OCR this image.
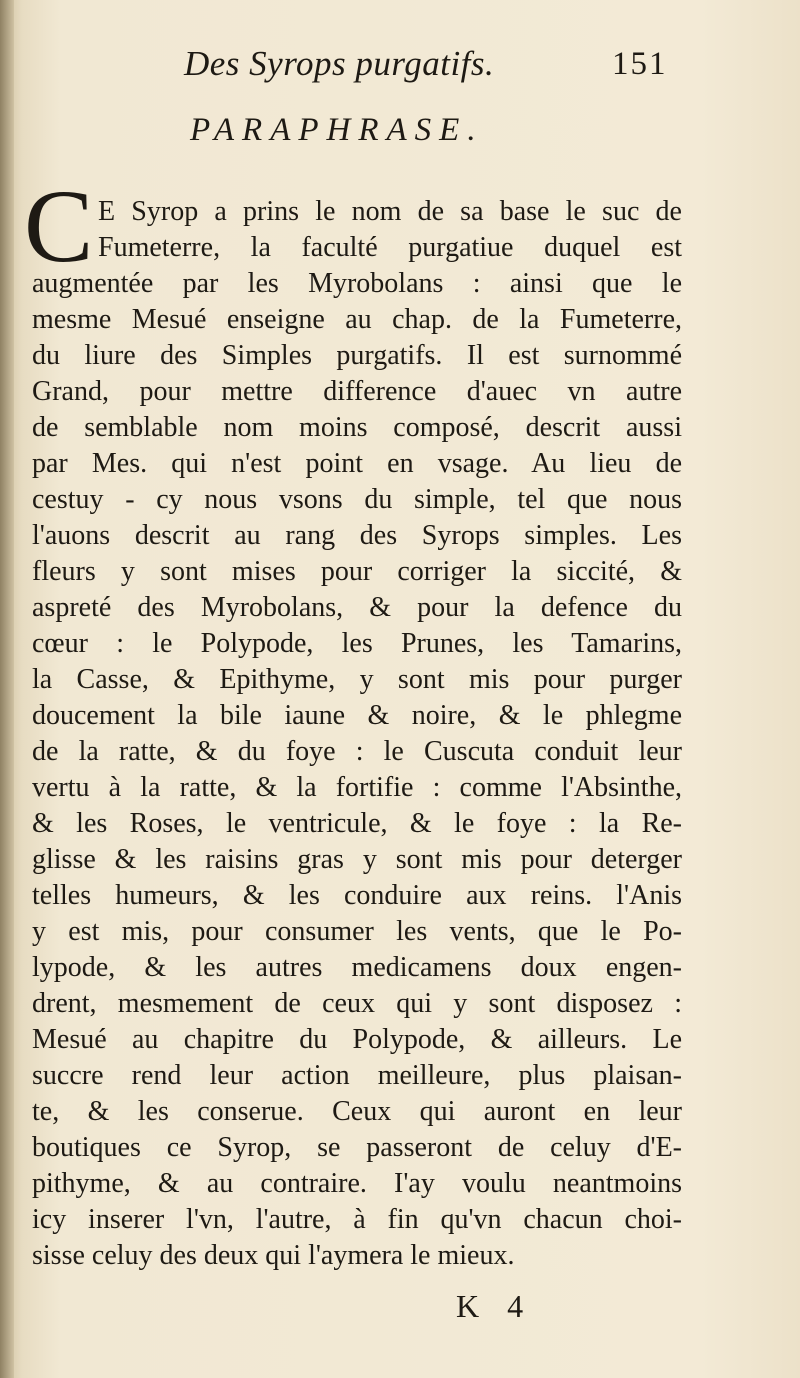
Des Syrops purgatifs.	151
PARAPHRASE.
C E Syrop a prins le nom de sa base le suc de
Fumeterre, la faculté purgatiue duquel est
augmentée par les Myrobolans : ainsi que le
mesme Mesué enseigne au chap. de la Fumeterre,
du liure des Simples purgatifs. Il est surnommé
Grand, pour mettre difference d'auec vn autre
de semblable nom moins composé, descrit aussi
par Mes. qui n'est point en vsage. Au lieu de
cestuy - cy nous vsons du simple, tel que nous
l'auons descrit au rang des Syrops simples. Les
fleurs y sont mises pour corriger la siccité, &
aspreté des Myrobolans, & pour la defence du
cœur : le Polypode, les Prunes, les Tamarins,
la Casse, & Epithyme, y sont mis pour purger
doucement la bile iaune & noire, & le phlegme
de la ratte, & du foye : le Cuscuta conduit leur
vertu à la ratte, & la fortifie : comme l'Absinthe,
& les Roses, le ventricule, & le foye : la Re-
glisse & les raisins gras y sont mis pour deterger
telles humeurs, & les conduire aux reins. l'Anis
y est mis, pour consumer les vents, que le Po-
lypode, & les autres medicamens doux engen-
drent, mesmement de ceux qui y sont disposez :
Mesué au chapitre du Polypode, & ailleurs. Le
succre rend leur action meilleure, plus plaisan-
te, & les conserue. Ceux qui auront en leur
boutiques ce Syrop, se passeront de celuy d'E-
pithyme, & au contraire. I'ay voulu neantmoins
icy inserer l'vn, l'autre, à fin qu'vn chacun choi-
sisse celuy des deux qui l'aymera le mieux.
K 4
